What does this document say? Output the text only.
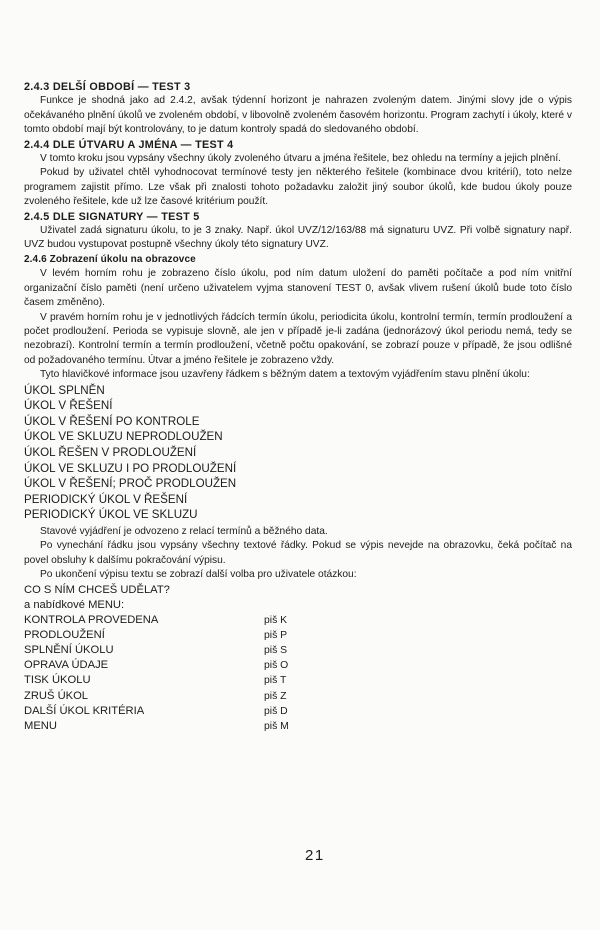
2.4.3 DELŠÍ OBDOBÍ — TEST 3

Funkce je shodná jako ad 2.4.2, avšak týdenní horizont je nahrazen zvoleným datem. Jinými slovy jde o výpis očekávaného plnění úkolů ve zvoleném období, v libovolně zvoleném časovém horizontu. Program zachytí i úkoly, které v tomto období mají být kontrolovány, to je datum kontroly spadá do sledovaného období.

2.4.4 DLE ÚTVARU A JMÉNA — TEST 4

V tomto kroku jsou vypsány všechny úkoly zvoleného útvaru a jména řešitele, bez ohledu na termíny a jejich plnění.

Pokud by uživatel chtěl vyhodnocovat termínové testy jen některého řešitele (kombinace dvou kritérií), toto nelze programem zajistit přímo. Lze však při znalosti tohoto požadavku založit jiný soubor úkolů, kde budou úkoly pouze zvoleného řešitele, kde už lze časové kritérium použít.

2.4.5 DLE SIGNATURY — TEST 5

Uživatel zadá signaturu úkolu, to je 3 znaky. Např. úkol UVZ/12/163/88 má signaturu UVZ. Při volbě signatury např. UVZ budou vystupovat postupně všechny úkoly této signatury UVZ.

2.4.6 Zobrazení úkolu na obrazovce

V levém horním rohu je zobrazeno číslo úkolu, pod ním datum uložení do paměti počítače a pod ním vnitřní organizační číslo paměti (není určeno uživatelem vyjma stanovení TEST 0, avšak vlivem rušení úkolů bude toto číslo časem změněno).

V pravém horním rohu je v jednotlivých řádcích termín úkolu, periodicita úkolu, kontrolní termín, termín prodloužení a počet prodloužení. Perioda se vypisuje slovně, ale jen v případě je-li zadána (jednorázový úkol periodu nemá, tedy se nezobrazí). Kontrolní termín a termín prodloužení, včetně počtu opakování, se zobrazí pouze v případě, že jsou odlišné od požadovaného termínu. Útvar a jméno řešitele je zobrazeno vždy.

Tyto hlavičkové informace jsou uzavřeny řádkem s běžným datem a textovým vyjádřením stavu plnění úkolu:

ÚKOL SPLNĚN
ÚKOL V ŘEŠENÍ
ÚKOL V ŘEŠENÍ PO KONTROLE
ÚKOL VE SKLUZU NEPRODLOUŽEN
ÚKOL ŘEŠEN V PRODLOUŽENÍ
ÚKOL VE SKLUZU I PO PRODLOUŽENÍ
ÚKOL V ŘEŠENÍ; PROČ PRODLOUŽEN
PERIODICKÝ ÚKOL V ŘEŠENÍ
PERIODICKÝ ÚKOL VE SKLUZU

Stavové vyjádření je odvozeno z relací termínů a běžného data.

Po vynechání řádku jsou vypsány všechny textové řádky. Pokud se výpis nevejde na obrazovku, čeká počítač na povel obsluhy k dalšímu pokračování výpisu.

Po ukončení výpisu textu se zobrazí další volba pro uživatele otázkou:

CO S NÍM CHCEŠ UDĚLAT?

a nabídkové MENU:

KONTROLA PROVEDENA	piš K
PRODLOUŽENÍ	piš P
SPLNĚNÍ ÚKOLU	piš S
OPRAVA ÚDAJE	piš O
TISK ÚKOLU	piš T
ZRUŠ ÚKOL	piš Z
DALŠÍ ÚKOL KRITÉRIA	piš D
MENU	piš M
21
